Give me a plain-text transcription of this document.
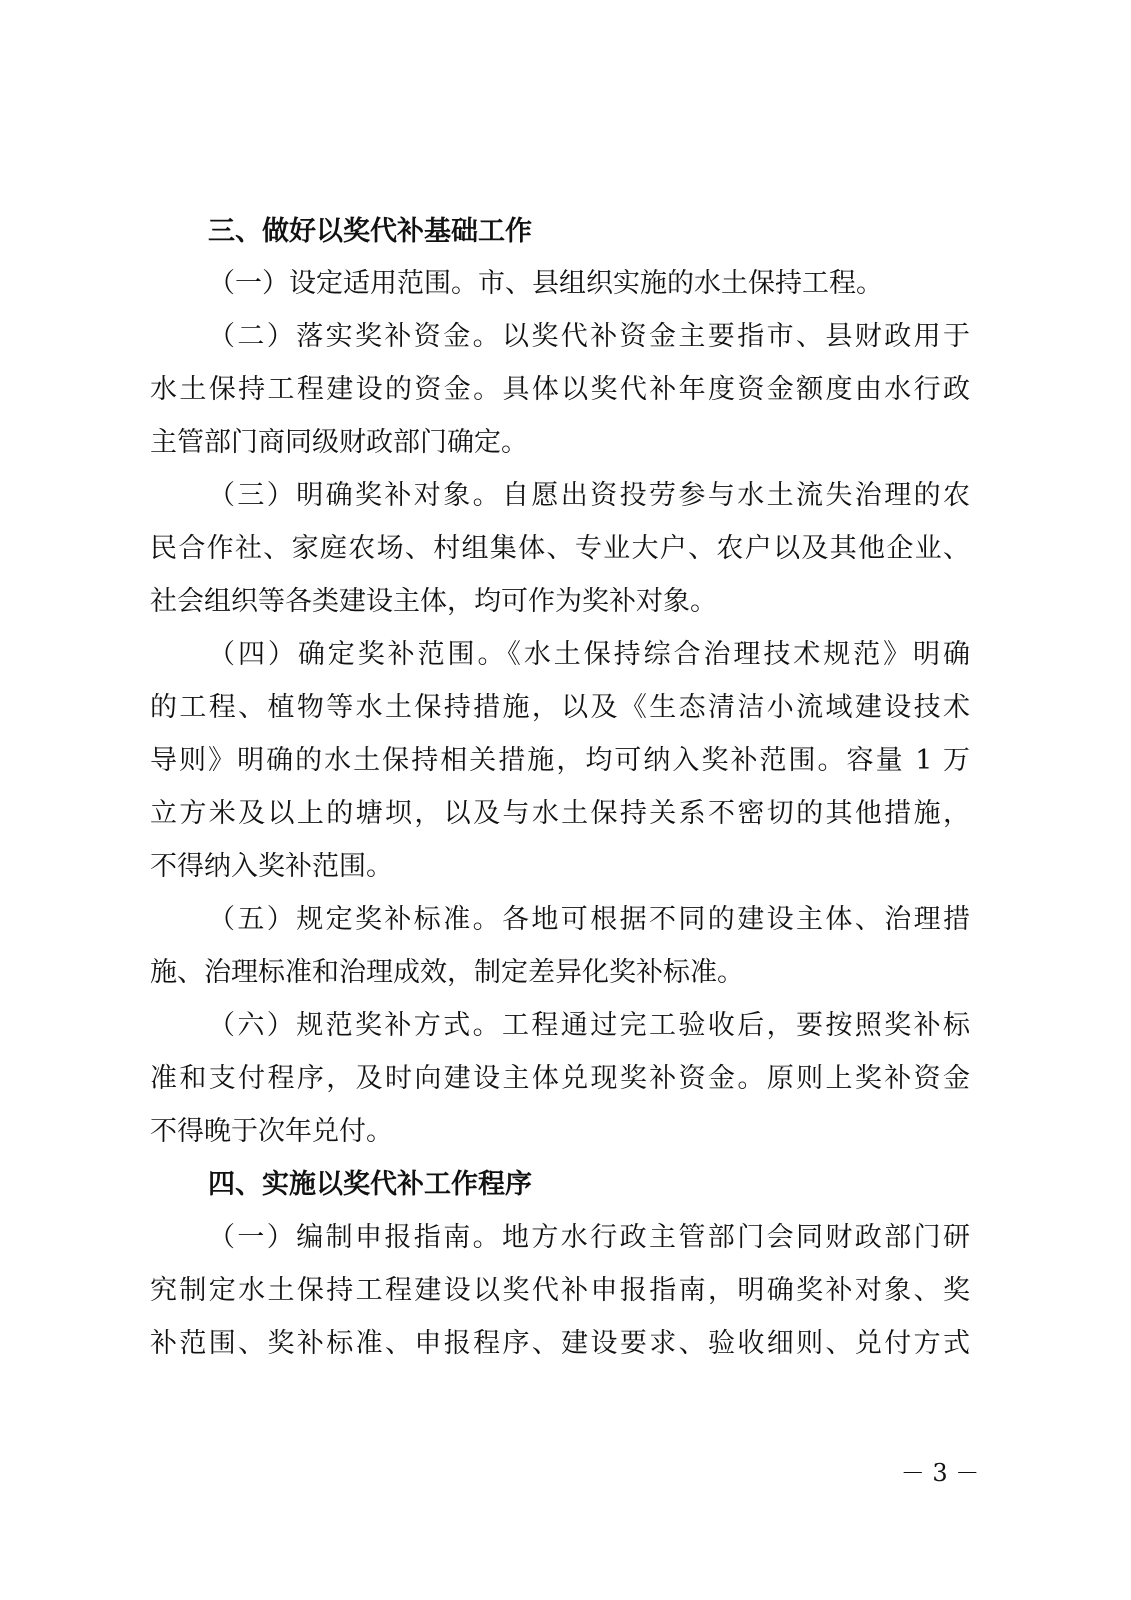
三、做好以奖代补基础工作
（一）设定适用范围。市、县组织实施的水土保持工程。
（二）落实奖补资金。以奖代补资金主要指市、县财政用于
水土保持工程建设的资金。具体以奖代补年度资金额度由水行政
主管部门商同级财政部门确定。
（三）明确奖补对象。自愿出资投劳参与水土流失治理的农
民合作社、家庭农场、村组集体、专业大户、农户以及其他企业、
社会组织等各类建设主体，均可作为奖补对象。
（四）确定奖补范围。《水土保持综合治理技术规范》明确
的工程、植物等水土保持措施，以及《生态清洁小流域建设技术
导则》明确的水土保持相关措施，均可纳入奖补范围。容量 1 万
立方米及以上的塘坝，以及与水土保持关系不密切的其他措施，
不得纳入奖补范围。
（五）规定奖补标准。各地可根据不同的建设主体、治理措
施、治理标准和治理成效，制定差异化奖补标准。
（六）规范奖补方式。工程通过完工验收后，要按照奖补标
准和支付程序，及时向建设主体兑现奖补资金。原则上奖补资金
不得晚于次年兑付。
四、实施以奖代补工作程序
（一）编制申报指南。地方水行政主管部门会同财政部门研
究制定水土保持工程建设以奖代补申报指南，明确奖补对象、奖
补范围、奖补标准、申报程序、建设要求、验收细则、兑付方式
－ 3 －
